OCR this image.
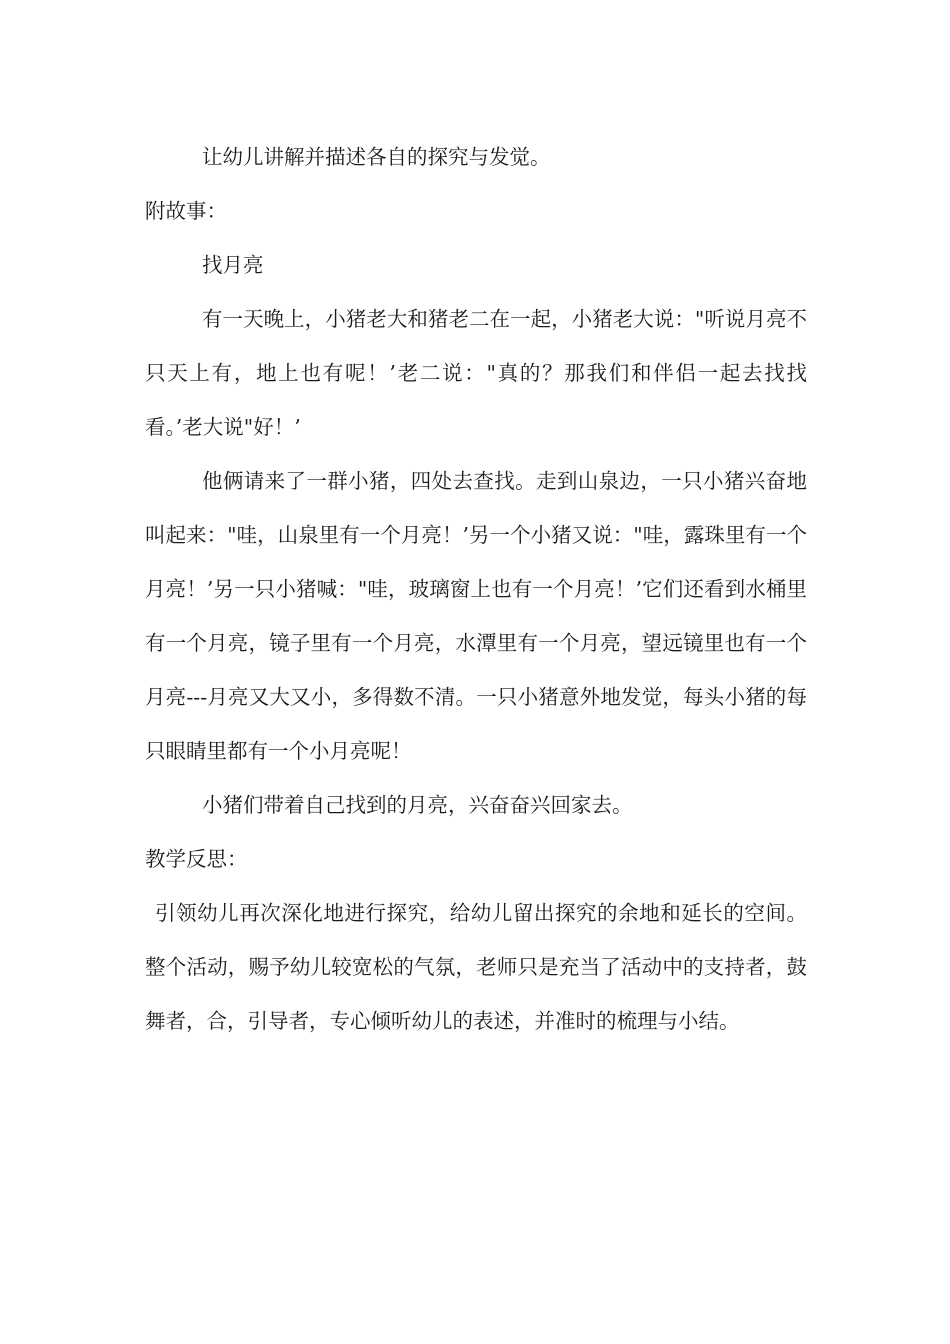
让幼儿讲解并描述各自的探究与发觉。

附故事：

找月亮

有一天晚上，小猪老大和猪老二在一起，小猪老大说："听说月亮不只天上有，地上也有呢！’老二说："真的？那我们和伴侣一起去找找看。’老大说"好！’

他俩请来了一群小猪，四处去查找。走到山泉边，一只小猪兴奋地叫起来："哇，山泉里有一个月亮！’另一个小猪又说："哇，露珠里有一个月亮！’另一只小猪喊："哇，玻璃窗上也有一个月亮！’它们还看到水桶里有一个月亮，镜子里有一个月亮，水潭里有一个月亮，望远镜里也有一个月亮---月亮又大又小，多得数不清。一只小猪意外地发觉，每头小猪的每只眼睛里都有一个小月亮呢！

小猪们带着自己找到的月亮，兴奋奋兴回家去。

教学反思：

引领幼儿再次深化地进行探究，给幼儿留出探究的余地和延长的空间。整个活动，赐予幼儿较宽松的气氛，老师只是充当了活动中的支持者，鼓舞者，合，引导者，专心倾听幼儿的表述，并准时的梳理与小结。
